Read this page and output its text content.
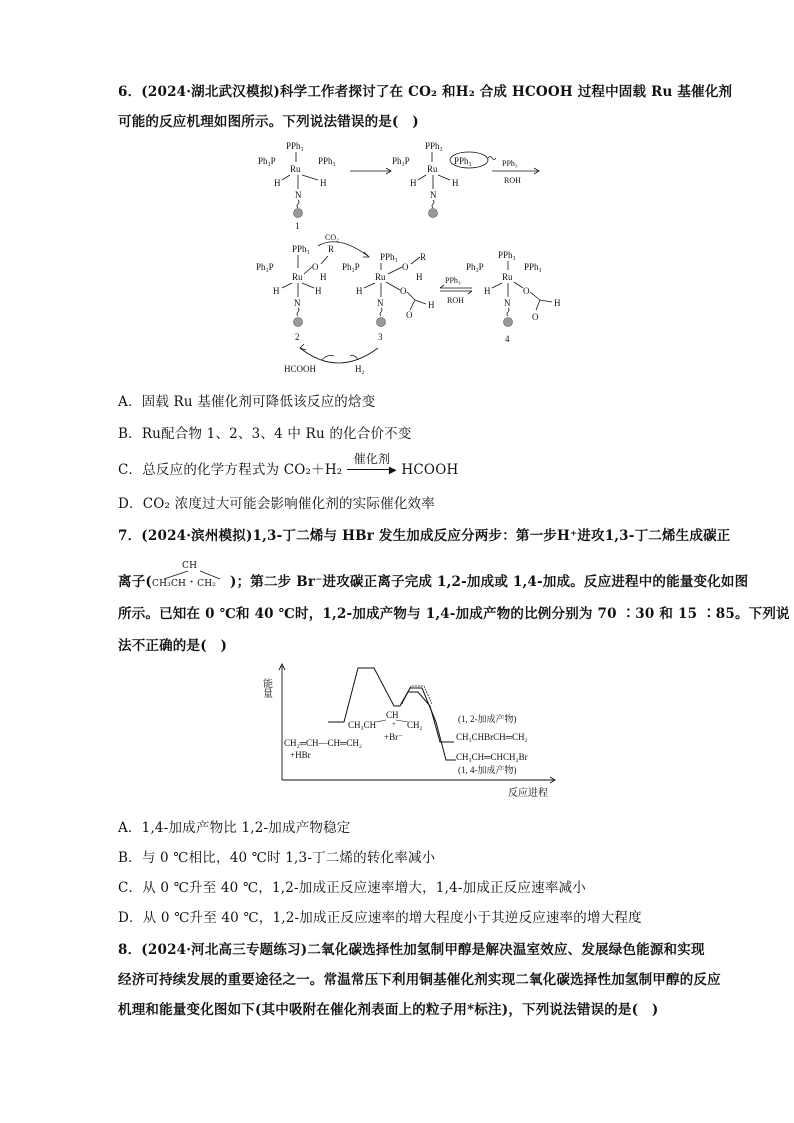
6．(2024·湖北武汉模拟)科学工作者探讨了在 CO₂ 和H₂ 合成 HCOOH 过程中固载 Ru 基催化剂
可能的反应机理如图所示。下列说法错误的是(　)
PPh₃
Ph₃P	PPh₃
Ru
H	H
N
1
PPh₃
Ph₃P	PPh₃
Ru
H	H
N
PPh₃
ROH
CO₂
PPh₃ R
Ph₃P	O
Ru H
H	H
N
2
PPh₃ R
Ph₃P	O
Ru	H
H	O
N
O
H
3
PPh₃
ROH
PPh₃
Ph₃P	PPh₃
Ru
H	O
N
O
H
4
HCOOH	H₂
A．固载 Ru 基催化剂可降低该反应的焓变
B．Ru配合物 1、2、3、4 中 Ru 的化合价不变
C．总反应的化学方程式为 CO₂＋H₂
催化剂
▶ HCOOH
D．CO₂ 浓度过大可能会影响催化剂的实际催化效率
7．(2024·滨州模拟)1,3-丁二烯与 HBr 发生加成反应分两步：第一步H⁺进攻1,3-丁二烯生成碳正
离子(
CH
CH₃CH ⁺ CH₂ )；第二步 Br⁻进攻碳正离子完成 1,2-加成或 1,4-加成。反应进程中的能量变化如图
所示。已知在 0 ℃和 40 ℃时，1,2-加成产物与 1,4-加成产物的比例分别为 70 ∶30 和 15 ∶85。下列说
法不正确的是(　)
能量
反应进程
CH₂═CH—CH═CH₂
+HBr
CH
CH₃CH + CH₂
+Br⁻
(1, 2-加成产物)
CH₃CHBrCH═CH₂
CH₃CH═CHCH₂Br
(1, 4-加成产物)
A．1,4-加成产物比 1,2-加成产物稳定
B．与 0 ℃相比，40 ℃时 1,3-丁二烯的转化率减小
C．从 0 ℃升至 40 ℃，1,2-加成正反应速率增大，1,4-加成正反应速率减小
D．从 0 ℃升至 40 ℃，1,2-加成正反应速率的增大程度小于其逆反应速率的增大程度
8．(2024·河北高三专题练习)二氧化碳选择性加氢制甲醇是解决温室效应、发展绿色能源和实现
经济可持续发展的重要途径之一。常温常压下利用铜基催化剂实现二氧化碳选择性加氢制甲醇的反应
机理和能量变化图如下(其中吸附在催化剂表面上的粒子用*标注)，下列说法错误的是(　)
